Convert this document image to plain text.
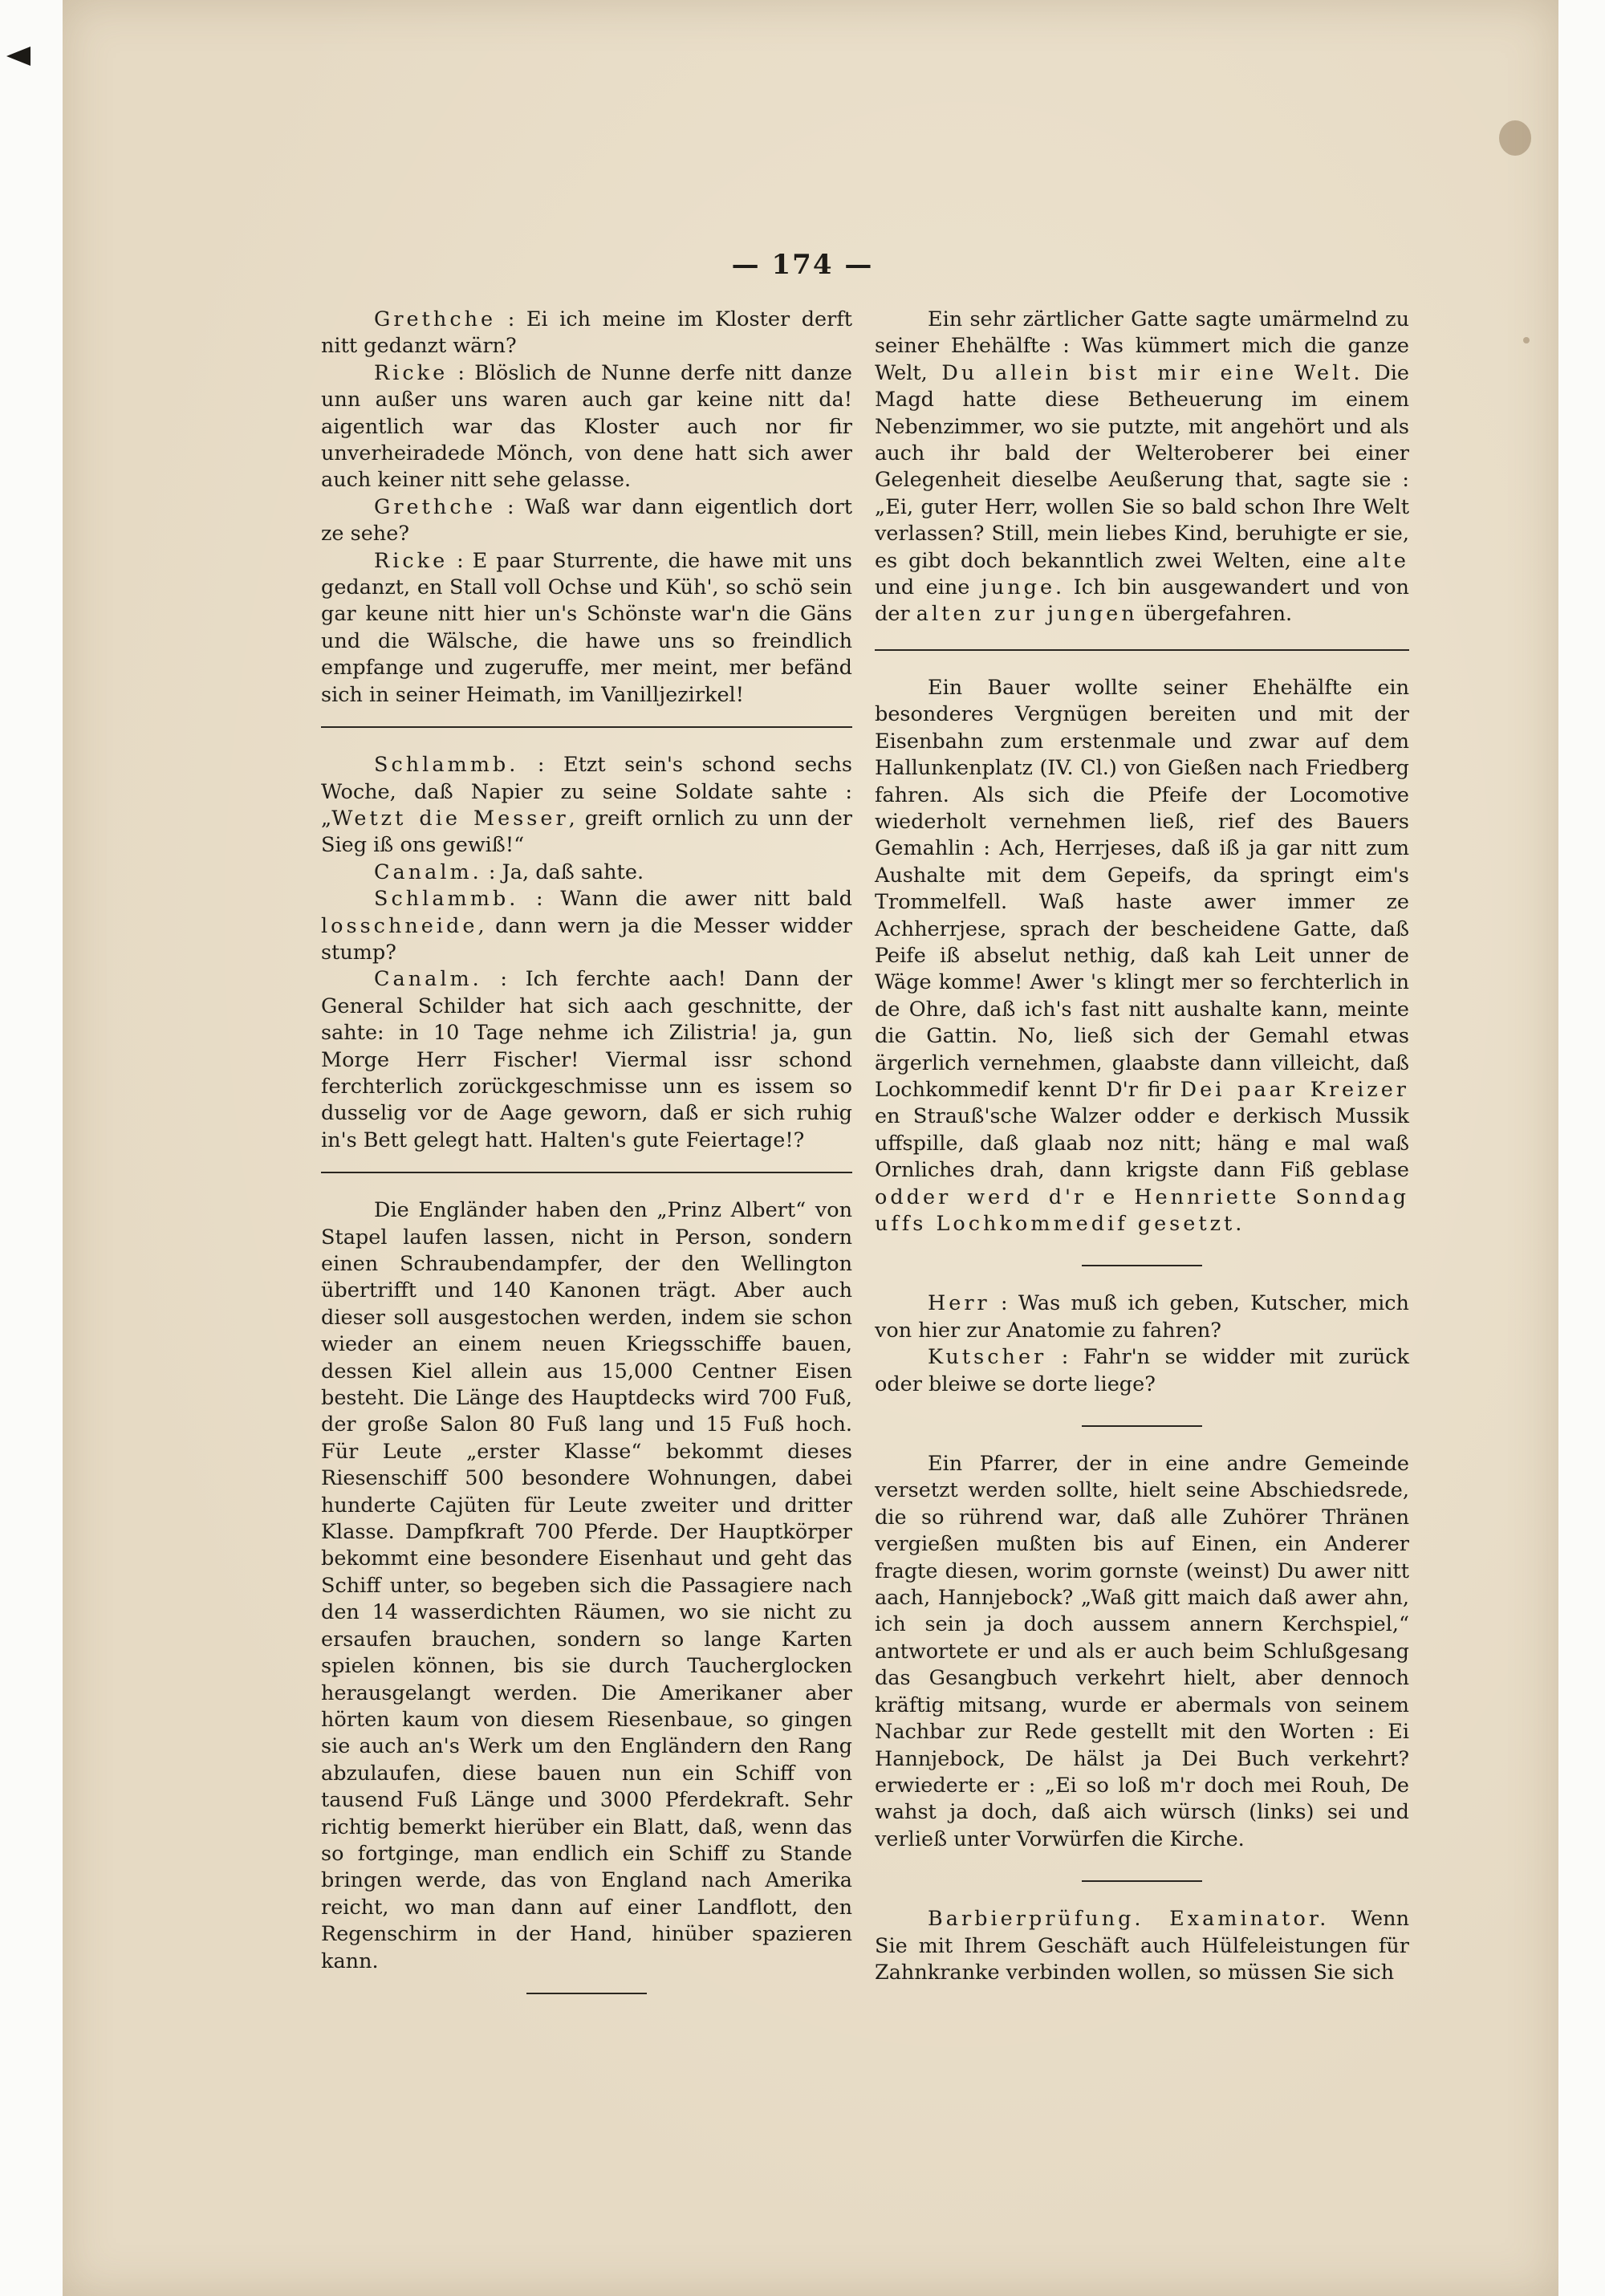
— 174 —

Grethche : Ei ich meine im Kloster derft nitt gedanzt wärn?

Ricke : Blöslich de Nunne derfe nitt danze unn außer uns waren auch gar keine nitt da! aigentlich war das Kloster auch nor fir unverheiradede Mönch, von dene hatt sich awer auch keiner nitt sehe gelasse.

Grethche : Waß war dann eigentlich dort ze sehe?

Ricke : E paar Sturrente, die hawe mit uns gedanzt, en Stall voll Ochse und Küh', so schö sein gar keune nitt hier un's Schönste war'n die Gäns und die Wälsche, die hawe uns so freindlich empfange und zugeruffe, mer meint, mer befänd sich in seiner Heimath, im Vanilljezirkel!

Schlammb. : Etzt sein's schond sechs Woche, daß Napier zu seine Soldate sahte : „Wetzt die Messer, greift ornlich zu unn der Sieg iß ons gewiß!“

Canalm. : Ja, daß sahte.

Schlammb. : Wann die awer nitt bald losschneide, dann wern ja die Messer widder stump?

Canalm. : Ich ferchte aach! Dann der General Schilder hat sich aach geschnitte, der sahte: in 10 Tage nehme ich Zilistria! ja, gun Morge Herr Fischer! Viermal issr schond ferchterlich zorückgeschmisse unn es issem so dusselig vor de Aage geworn, daß er sich ruhig in's Bett gelegt hatt. Halten's gute Feiertage!?

Die Engländer haben den „Prinz Albert“ von Stapel laufen lassen, nicht in Person, sondern einen Schraubendampfer, der den Wellington übertrifft und 140 Kanonen trägt. Aber auch dieser soll ausgestochen werden, indem sie schon wieder an einem neuen Kriegsschiffe bauen, dessen Kiel allein aus 15,000 Centner Eisen besteht. Die Länge des Hauptdecks wird 700 Fuß, der große Salon 80 Fuß lang und 15 Fuß hoch. Für Leute „erster Klasse“ bekommt dieses Riesenschiff 500 besondere Wohnungen, dabei hunderte Cajüten für Leute zweiter und dritter Klasse. Dampfkraft 700 Pferde. Der Hauptkörper bekommt eine besondere Eisenhaut und geht das Schiff unter, so begeben sich die Passagiere nach den 14 wasserdichten Räumen, wo sie nicht zu ersaufen brauchen, sondern so lange Karten spielen können, bis sie durch Taucherglocken herausgelangt werden. Die Amerikaner aber hörten kaum von diesem Riesenbaue, so gingen sie auch an's Werk um den Engländern den Rang abzulaufen, diese bauen nun ein Schiff von tausend Fuß Länge und 3000 Pferdekraft. Sehr richtig bemerkt hierüber ein Blatt, daß, wenn das so fortginge, man endlich ein Schiff zu Stande bringen werde, das von England nach Amerika reicht, wo man dann auf einer Landflott, den Regenschirm in der Hand, hinüber spazieren kann.

Ein sehr zärtlicher Gatte sagte umärmelnd zu seiner Ehehälfte : Was kümmert mich die ganze Welt, Du allein bist mir eine Welt. Die Magd hatte diese Betheuerung im einem Nebenzimmer, wo sie putzte, mit angehört und als auch ihr bald der Welteroberer bei einer Gelegenheit dieselbe Aeußerung that, sagte sie : „Ei, guter Herr, wollen Sie so bald schon Ihre Welt verlassen? Still, mein liebes Kind, beruhigte er sie, es gibt doch bekanntlich zwei Welten, eine alte und eine junge. Ich bin ausgewandert und von der alten zur jungen übergefahren.

Ein Bauer wollte seiner Ehehälfte ein besonderes Vergnügen bereiten und mit der Eisenbahn zum erstenmale und zwar auf dem Hallunkenplatz (IV. Cl.) von Gießen nach Friedberg fahren. Als sich die Pfeife der Locomotive wiederholt vernehmen ließ, rief des Bauers Gemahlin : Ach, Herrjeses, daß iß ja gar nitt zum Aushalte mit dem Gepeifs, da springt eim's Trommelfell. Waß haste awer immer ze Achherrjese, sprach der bescheidene Gatte, daß Peife iß abselut nethig, daß kah Leit unner de Wäge komme! Awer 's klingt mer so ferchterlich in de Ohre, daß ich's fast nitt aushalte kann, meinte die Gattin. No, ließ sich der Gemahl etwas ärgerlich vernehmen, glaabste dann villeicht, daß Lochkommedif kennt D'r fir Dei paar Kreizer en Strauß'sche Walzer odder e derkisch Mussik uffspille, daß glaab noz nitt; häng e mal waß Ornliches drah, dann krigste dann Fiß geblase odder werd d'r e Hennriette Sonndag uffs Lochkommedif gesetzt.

Herr : Was muß ich geben, Kutscher, mich von hier zur Anatomie zu fahren?

Kutscher : Fahr'n se widder mit zurück oder bleiwe se dorte liege?

Ein Pfarrer, der in eine andre Gemeinde versetzt werden sollte, hielt seine Abschiedsrede, die so rührend war, daß alle Zuhörer Thränen vergießen mußten bis auf Einen, ein Anderer fragte diesen, worim gornste (weinst) Du awer nitt aach, Hannjebock? „Waß gitt maich daß awer ahn, ich sein ja doch aussem annern Kerchspiel,“ antwortete er und als er auch beim Schlußgesang das Gesangbuch verkehrt hielt, aber dennoch kräftig mitsang, wurde er abermals von seinem Nachbar zur Rede gestellt mit den Worten : Ei Hannjebock, De hälst ja Dei Buch verkehrt? erwiederte er : „Ei so loß m'r doch mei Rouh, De wahst ja doch, daß aich würsch (links) sei und verließ unter Vorwürfen die Kirche.

Barbierprüfung. Examinator. Wenn Sie mit Ihrem Geschäft auch Hülfeleistungen für Zahnkranke verbinden wollen, so müssen Sie sich
